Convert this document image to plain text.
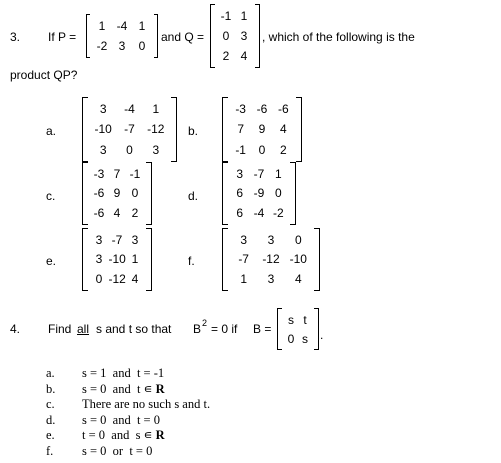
3. If P =
1 -4 1
-2 3	0
and Q =
-1 1
0 3
2 4
, which of the following is the
product QP?
a.
3	-4	1
-10	-7	-12
3	0	3
b.
-3 -6 -6
7	9	4
-1	0	2
c.
-3 7 -1
-6 9 0
-6 4 2
d.
3 -7 1
6 -9 0
6 -4 -2
e.
3 -7 3
3 -10 1
0 -12 4
f.
3	3	0
-7	-12 -10
1	3	4
4. Find all s and t so that B 2 = 0 if B =
s t
0 s	.
a. s = 1  and  t = -1
b. s = 0  and  t ∊ R
c. There are no such s and t.
d. s = 0  and  t = 0
e. t = 0  and  s ∊ R
f. s = 0  or  t = 0
